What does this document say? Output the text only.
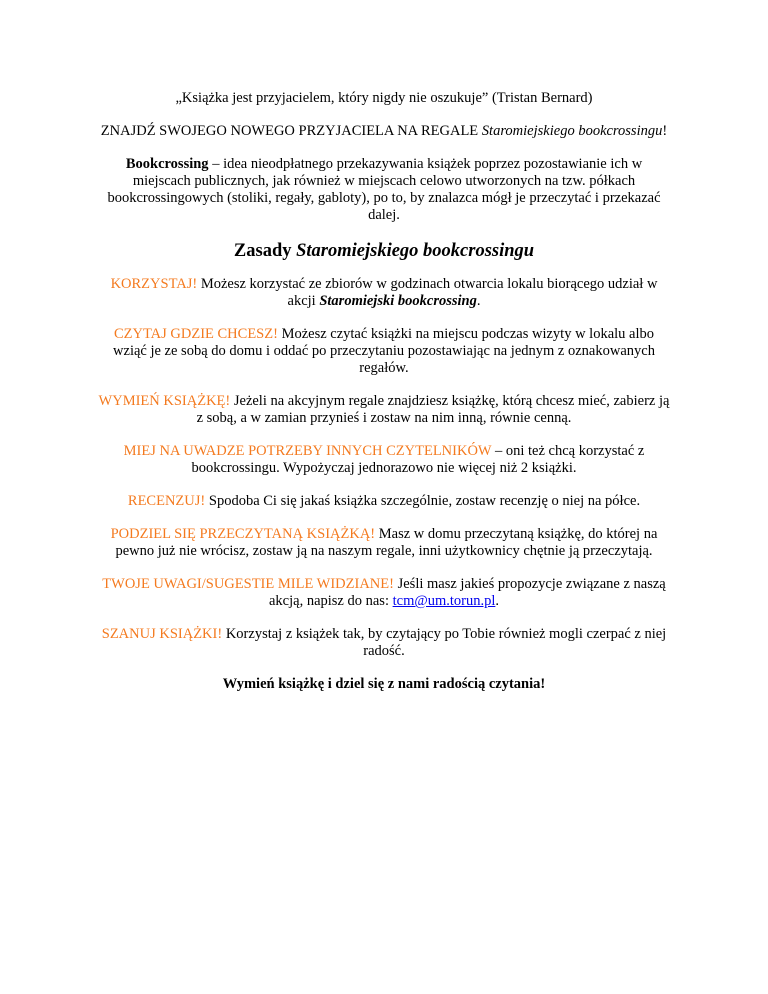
„Książka jest przyjacielem, który nigdy nie oszukuje” (Tristan Bernard)

ZNAJDŹ SWOJEGO NOWEGO PRZYJACIELA NA REGALE Staromiejskiego bookcrossingu!

Bookcrossing – idea nieodpłatnego przekazywania książek poprzez pozostawianie ich w miejscach publicznych, jak również w miejscach celowo utworzonych na tzw. półkach bookcrossingowych (stoliki, regały, gabloty), po to, by znalazca mógł je przeczytać i przekazać dalej.

Zasady Staromiejskiego bookcrossingu

KORZYSTAJ! Możesz korzystać ze zbiorów w godzinach otwarcia lokalu biorącego udział w akcji Staromiejski bookcrossing.

CZYTAJ GDZIE CHCESZ! Możesz czytać książki na miejscu podczas wizyty w lokalu albo wziąć je ze sobą do domu i oddać po przeczytaniu pozostawiając na jednym z oznakowanych regałów.

WYMIEŃ KSIĄŻKĘ! Jeżeli na akcyjnym regale znajdziesz książkę, którą chcesz mieć, zabierz ją z sobą, a w zamian przynieś i zostaw na nim inną, równie cenną.

MIEJ NA UWADZE POTRZEBY INNYCH CZYTELNIKÓW – oni też chcą korzystać z bookcrossingu. Wypożyczaj jednorazowo nie więcej niż 2 książki.

RECENZUJ! Spodoba Ci się jakaś książka szczególnie, zostaw recenzję o niej na półce.

PODZIEL SIĘ PRZECZYTANĄ KSIĄŻKĄ! Masz w domu przeczytaną książkę, do której na pewno już nie wrócisz, zostaw ją na naszym regale, inni użytkownicy chętnie ją przeczytają.

TWOJE UWAGI/SUGESTIE MILE WIDZIANE! Jeśli masz jakieś propozycje związane z naszą akcją, napisz do nas: tcm@um.torun.pl.

SZANUJ KSIĄŻKI! Korzystaj z książek tak, by czytający po Tobie również mogli czerpać z niej radość.

Wymień książkę i dziel się z nami radością czytania!
